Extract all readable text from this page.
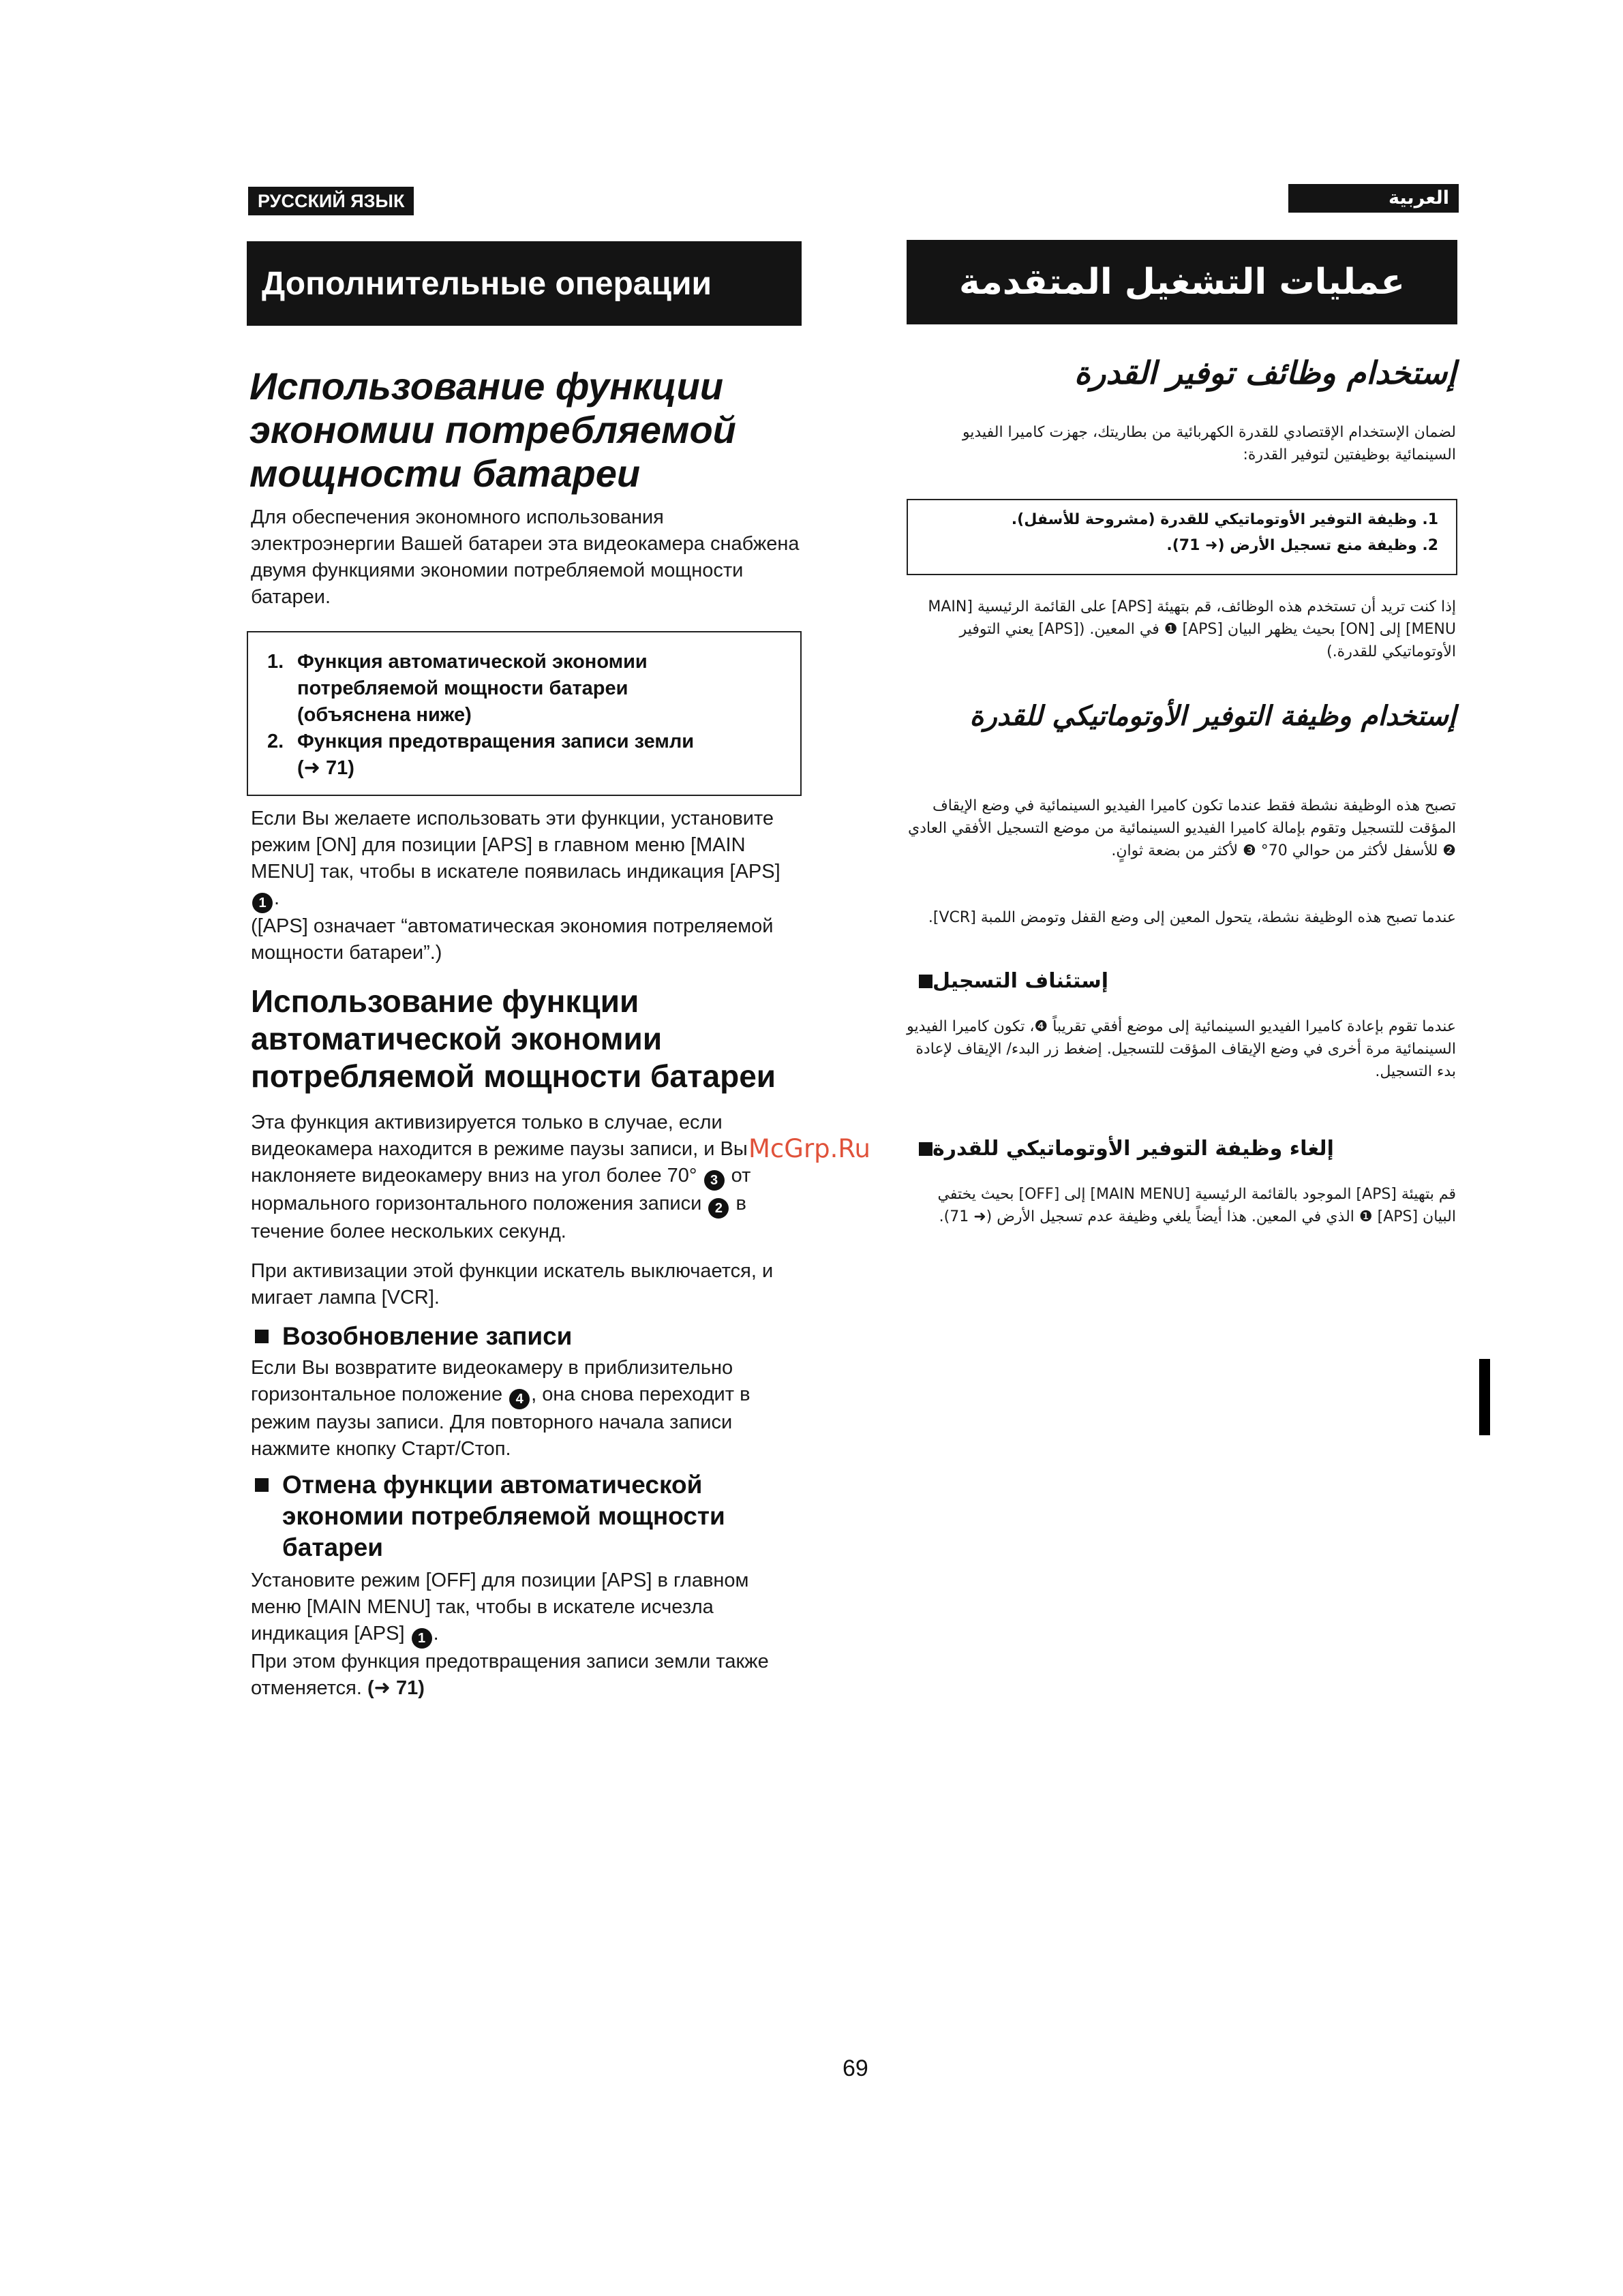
РУССКИЙ ЯЗЫК
Дополнительные операции
Использование функции экономии потребляемой мощности батареи

Для обеспечения экономного использования электроэнергии Вашей батареи эта видеокамера снабжена двумя функциями экономии потребляемой мощности батареи.

1. Функция автоматической экономии
потребляемой мощности батареи
(объяснена ниже)
2. Функция предотвращения записи земли
(➜ 71)

Если Вы желаете использовать эти функции, установите режим [ON] для позиции [APS] в главном меню [MAIN MENU] так, чтобы в искателе появилась индикация [APS] 1 .

([APS] означает “автоматическая экономия потреляемой мощности батареи”.)

Использование функции автоматической экономии потребляемой мощности батареи

Эта функция активизируется только в случае, если видеокамера находится в режиме паузы записи, и Вы наклоняете видеокамеру вниз на угол более 70° 3 от нормального горизонтального положения записи 2 в течение более нескольких секунд.

При активизации этой функции искатель выключается, и мигает лампа [VCR].

Возобновление записи

Если Вы возвратите видеокамеру в приблизительно горизонтальное положение 4 , она снова переходит в режим паузы записи. Для повторного начала записи нажмите кнопку Старт/Стоп.

Отмена функции автоматической экономии потребляемой мощности батареи

Установите режим [OFF] для позиции [APS] в главном меню [MAIN MENU] так, чтобы в искателе исчезла индикация [APS] 1 .
При этом функция предотвращения записи земли также отменяется. (➜ 71)

العربية
عمليات التشغيل المتقدمة
إستخدام وظائف توفير القدرة

لضمان الإستخدام الإقتصادي للقدرة الكهربائية من بطاريتك، جهزت كاميرا الفيديو السينمائية بوظيفتين لتوفير القدرة:

1. وظيفة التوفير الأوتوماتيكي للقدرة (مشروحة للأسفل).
2. وظيفة منع تسجيل الأرض (➜ 71).

إذا كنت تريد أن تستخدم هذه الوظائف، قم بتهيئة [APS] على القائمة الرئيسية [MAIN MENU] إلى [ON] بحيث يظهر البيان [APS] ❶ في المعين. ([APS] يعني التوفير الأوتوماتيكي للقدرة.)

إستخدام وظيفة التوفير الأوتوماتيكي للقدرة

تصبح هذه الوظيفة نشطة فقط عندما تكون كاميرا الفيديو السينمائية في وضع الإيقاف المؤقت للتسجيل وتقوم بإمالة كاميرا الفيديو السينمائية من موضع التسجيل الأفقي العادي ❷ للأسفل لأكثر من حوالي 70° ❸ لأكثر من بضعة ثوانٍ.

عندما تصبح هذه الوظيفة نشطة، يتحول المعين إلى وضع القفل وتومض اللمبة [VCR].

إستئناف التسجيل

عندما تقوم بإعادة كاميرا الفيديو السينمائية إلى موضع أفقي تقريباً ❹، تكون كاميرا الفيديو السينمائية مرة أخرى في وضع الإيقاف المؤقت للتسجيل. إضغط زر البدء/ الإيقاف لإعادة بدء التسجيل.

إلغاء وظيفة التوفير الأوتوماتيكي للقدرة

قم بتهيئة [APS] الموجود بالقائمة الرئيسية [MAIN MENU] إلى [OFF] بحيث يختفي البيان [APS] ❶ الذي في المعين. هذا أيضاً يلغي وظيفة عدم تسجيل الأرض (➜ 71).

McGrp.Ru
69
